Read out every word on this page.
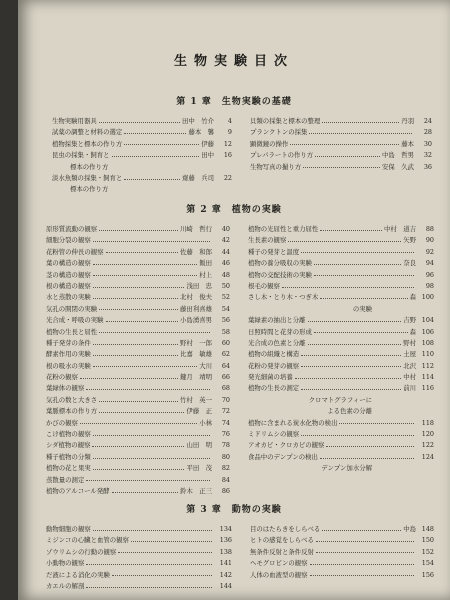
生物実験目次
第 1 章　生物実験の基礎
生物実験用器具	田中　竹介	4
試薬の調整と材料の選定	藤本　馨	9
植物採集と標本の作り方	伊藤	12
昆虫の採集・飼育と	田中	16
標本の作り方
淡水魚類の採集・飼育と	齋藤　兵司	22
標本の作り方
貝類の採集と標本の整理	丹羽	24
プランクトンの採集	28
顕微鏡の操作	藤本	30
プレパラートの作り方	中島　哲男	32
生物写真の撮り方	安保　久武	36
第 2 章　植物の実験
原形質流動の観察	川崎　哲行	40
細胞分裂の観察	42
花粉管の伸長の観察	佐藤　和郎	44
葉の構造の観察	飯田	46
茎の構造の観察	村上	48
根の構造の観察	浅田　忠	50
水と蒸散の実験	北村　俊夫	52
気孔の開閉の実験	藤田利喜雄	54
光合成・呼吸の実験	小島湧喜男	56
植物の生長と屈性	58
種子発芽の条件	野村　一郎	60
酵素作用の実験	比嘉　敏雄	62
根の吸水の実験	大川	64
花粉の観察	鍵月　靖明	66
葉緑体の観察	68
気孔の数と大きさ	竹村　英一	70
葉脈標本の作り方	伊藤　正	72
かびの観察	小林	74
こけ植物の観察	76
シダ植物の観察	山田　明	78
種子植物の分類	80
植物の花と果実	平田　茂	82
蒸散量の測定	84
植物のアルコール発酵	鈴木　正三	86
植物の光屈性と重力屈性	中村　道吉	88
生長素の観察	矢野	90
種子の発芽と温度	92
植物の養分吸収の実験	奈良	94
植物の交配技術の実験	96
根毛の観察	98
さし木・とり木・つぎ木	森 100
の実験
葉緑素の抽出と分離	吉野 104
日照時間と花芽の形成	森 106
光合成の色素と分離	野村 108
植物の組織と構造	土屋 110
花粉の発芽の観察	北沢 112
発光細菌の培養	中村 114
植物の生長の測定	前川 116
クロマトグラフィーに
よる色素の分離
植物に含まれる炭水化物の検出	118
ミドリムシの観察	120
アオカビ・クロカビの観察	122
食品中のデンプンの検出	124
デンプン加水分解
第 3 章　動物の実験
動物細胞の観察	134
ミジンコの心臓と血管の観察	136
ゾウリムシの行動の観察	138
小動物の観察	141
だ液による消化の実験	142
カエルの解剖	144
目のはたらきをしらべる	中島 148
ヒトの感覚をしらべる	150
無条件反射と条件反射	152
ヘモグロビンの観察	154
人体の血液型の観察	156
